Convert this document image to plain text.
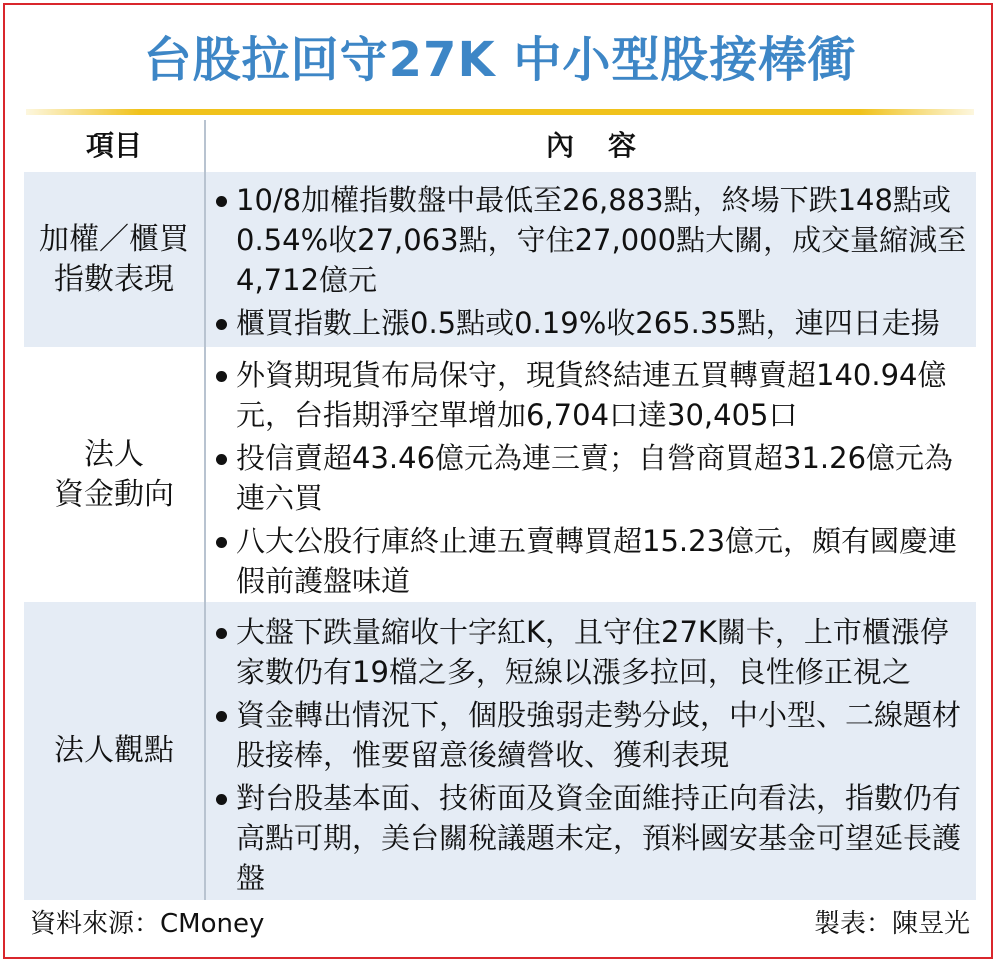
台股拉回守27K 中小型股接棒衝
項目	內容
加權／櫃買
指數表現
10/8加權指數盤中最低至26,883點，終場下跌148點或0.54%收27,063點，守住27,000點大關，成交量縮減至4,712億元
櫃買指數上漲0.5點或0.19%收265.35點，連四日走揚
法人
資金動向
外資期現貨布局保守，現貨終結連五買轉賣超140.94億元，台指期淨空單增加6,704口達30,405口
投信賣超43.46億元為連三賣；自營商買超31.26億元為連六買
八大公股行庫終止連五賣轉買超15.23億元，頗有國慶連假前護盤味道
法人觀點
大盤下跌量縮收十字紅K，且守住27K關卡，上市櫃漲停家數仍有19檔之多，短線以漲多拉回，良性修正視之
資金轉出情況下，個股強弱走勢分歧，中小型、二線題材股接棒，惟要留意後續營收、獲利表現
對台股基本面、技術面及資金面維持正向看法，指數仍有高點可期，美台關稅議題未定，預料國安基金可望延長護盤
資料來源：CMoney	製表：陳昱光
